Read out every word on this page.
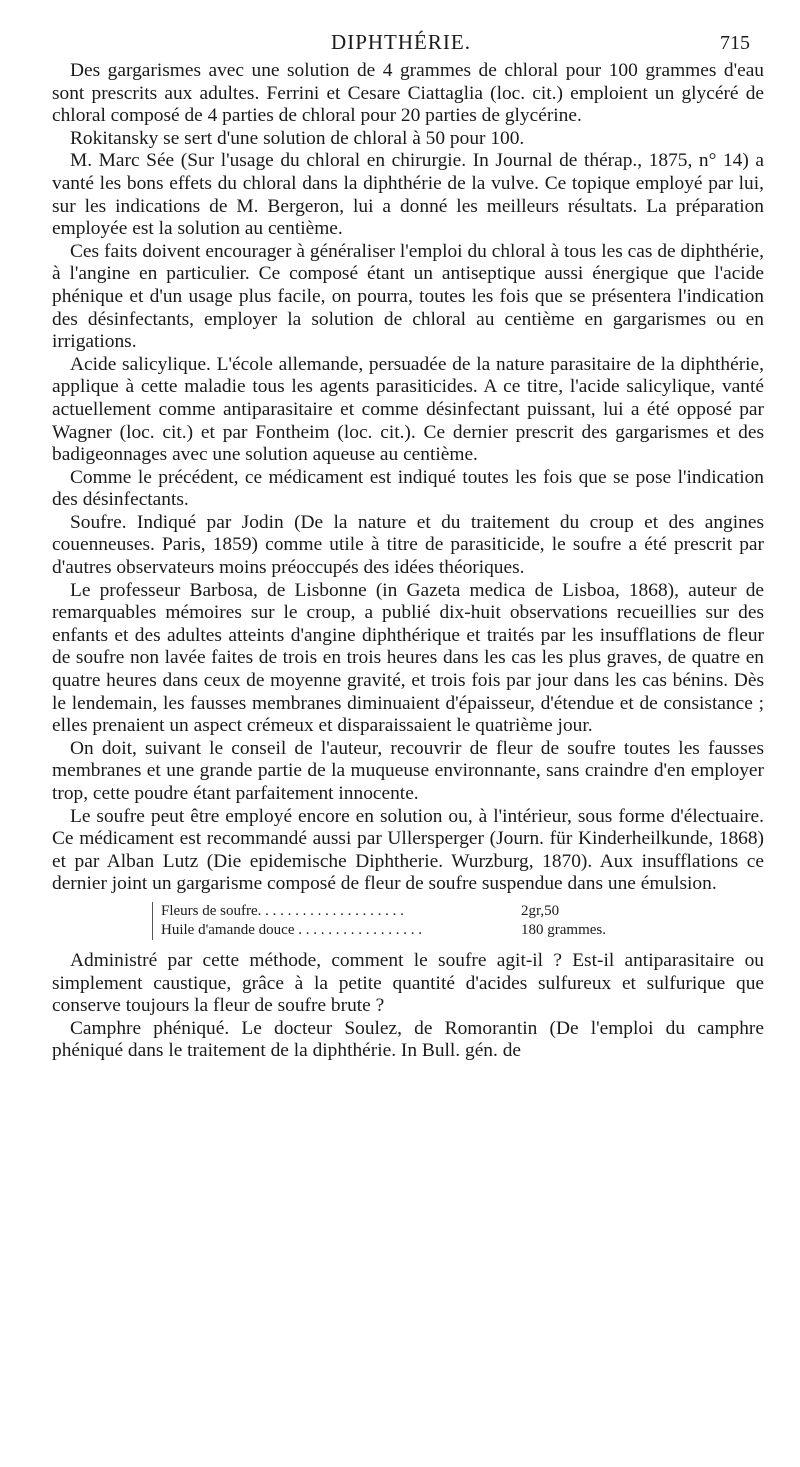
DIPHTHÉRIE.	715

Des gargarismes avec une solution de 4 grammes de chloral pour 100 grammes d'eau sont prescrits aux adultes. Ferrini et Cesare Ciattaglia (loc. cit.) emploient un glycéré de chloral composé de 4 parties de chloral pour 20 parties de glycérine.

Rokitansky se sert d'une solution de chloral à 50 pour 100.

M. Marc Sée (Sur l'usage du chloral en chirurgie. In Journal de thérap., 1875, n° 14) a vanté les bons effets du chloral dans la diphthérie de la vulve. Ce topique employé par lui, sur les indications de M. Bergeron, lui a donné les meilleurs résultats. La préparation employée est la solution au centième.

Ces faits doivent encourager à généraliser l'emploi du chloral à tous les cas de diphthérie, à l'angine en particulier. Ce composé étant un antiseptique aussi énergique que l'acide phénique et d'un usage plus facile, on pourra, toutes les fois que se présentera l'indication des désinfectants, employer la solution de chloral au centième en gargarismes ou en irrigations.

Acide salicylique. L'école allemande, persuadée de la nature parasitaire de la diphthérie, applique à cette maladie tous les agents parasiticides. A ce titre, l'acide salicylique, vanté actuellement comme antiparasitaire et comme désinfectant puissant, lui a été opposé par Wagner (loc. cit.) et par Fontheim (loc. cit.). Ce dernier prescrit des gargarismes et des badigeonnages avec une solution aqueuse au centième.

Comme le précédent, ce médicament est indiqué toutes les fois que se pose l'indication des désinfectants.

Soufre. Indiqué par Jodin (De la nature et du traitement du croup et des angines couenneuses. Paris, 1859) comme utile à titre de parasiticide, le soufre a été prescrit par d'autres observateurs moins préoccupés des idées théoriques.

Le professeur Barbosa, de Lisbonne (in Gazeta medica de Lisboa, 1868), auteur de remarquables mémoires sur le croup, a publié dix-huit observations recueillies sur des enfants et des adultes atteints d'angine diphthérique et traités par les insufflations de fleur de soufre non lavée faites de trois en trois heures dans les cas les plus graves, de quatre en quatre heures dans ceux de moyenne gravité, et trois fois par jour dans les cas bénins. Dès le lendemain, les fausses membranes diminuaient d'épaisseur, d'étendue et de consistance ; elles prenaient un aspect crémeux et disparaissaient le quatrième jour.

On doit, suivant le conseil de l'auteur, recouvrir de fleur de soufre toutes les fausses membranes et une grande partie de la muqueuse environnante, sans craindre d'en employer trop, cette poudre étant parfaitement innocente.

Le soufre peut être employé encore en solution ou, à l'intérieur, sous forme d'électuaire. Ce médicament est recommandé aussi par Ullersperger (Journ. für Kinderheilkunde, 1868) et par Alban Lutz (Die epidemische Diphtherie. Wurzburg, 1870). Aux insufflations ce dernier joint un gargarisme composé de fleur de soufre suspendue dans une émulsion.

Fleurs de soufre. . . . . . . . . . . . . . . . . . . .	2gr,50
Huile d'amande douce . . . . . . . . . . . . . . . . .	180 grammes.

Administré par cette méthode, comment le soufre agit-il ? Est-il antiparasitaire ou simplement caustique, grâce à la petite quantité d'acides sulfureux et sulfurique que conserve toujours la fleur de soufre brute ?

Camphre phéniqué. Le docteur Soulez, de Romorantin (De l'emploi du camphre phéniqué dans le traitement de la diphthérie. In Bull. gén. de
